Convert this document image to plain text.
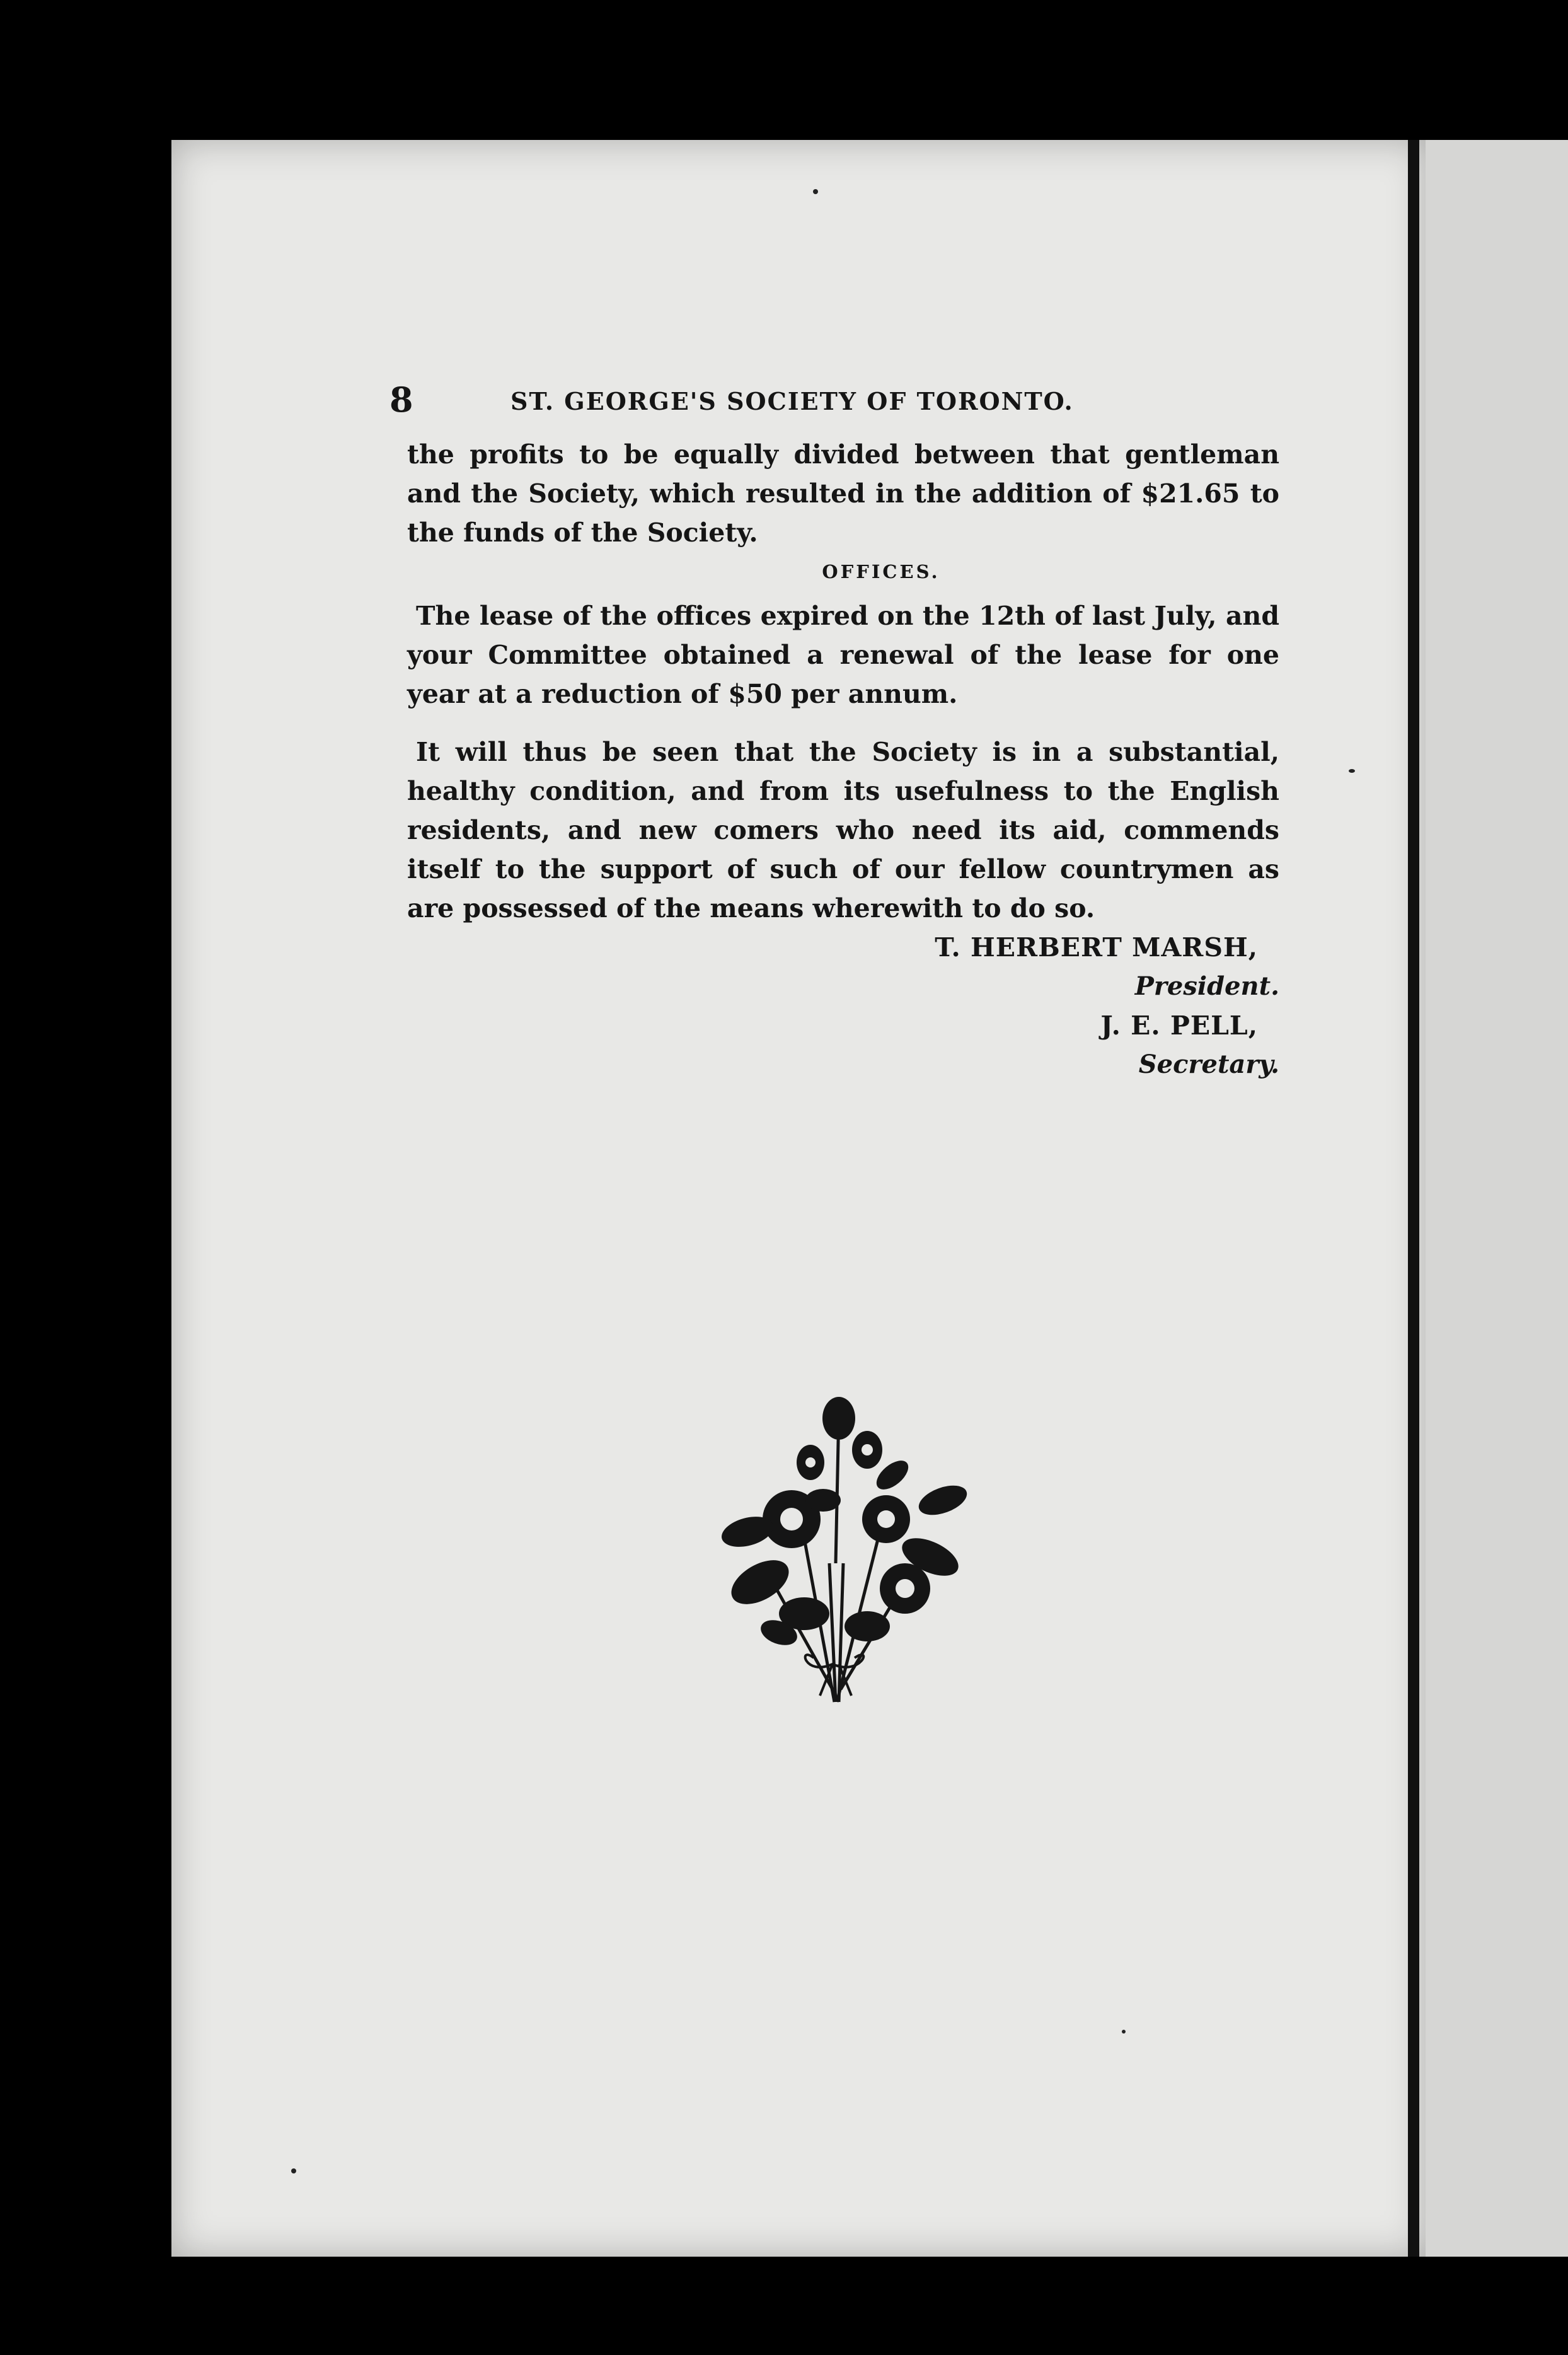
8	ST. GEORGE'S SOCIETY OF TORONTO.

the profits to be equally divided between that gentleman and the Society, which resulted in the addition of $21.65 to the funds of the Society.

OFFICES.

The lease of the offices expired on the 12th of last July, and your Committee obtained a renewal of the lease for one year at a reduction of $50 per annum.

It will thus be seen that the Society is in a substantial, healthy condition, and from its usefulness to the English residents, and new comers who need its aid, commends itself to the support of such of our fellow countrymen as are possessed of the means wherewith to do so.

T. HERBERT MARSH,
President.
J. E. PELL,
Secretary.
